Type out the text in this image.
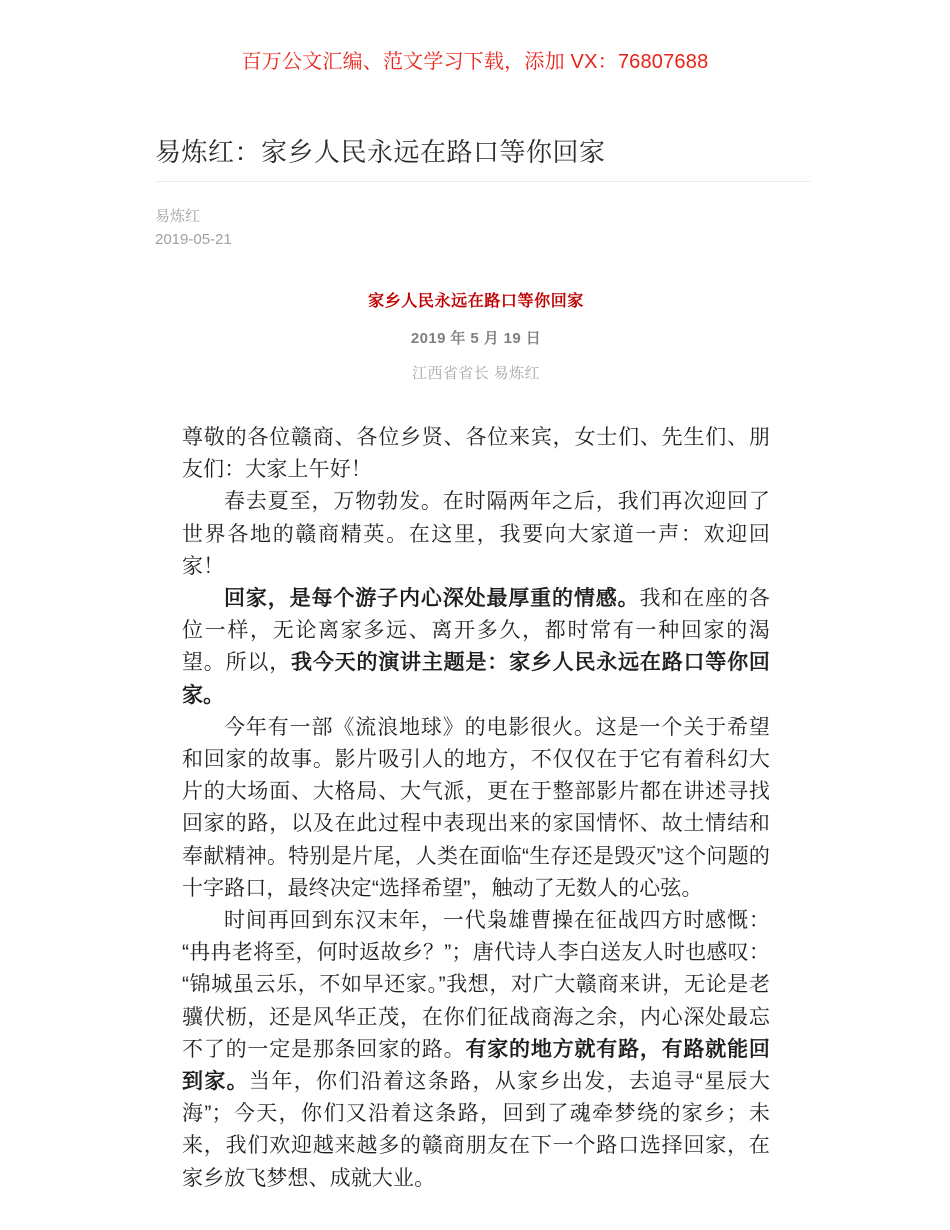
百万公文汇编、范文学习下载，添加 VX：76807688
易炼红：家乡人民永远在路口等你回家
易炼红
2019-05-21
家乡人民永远在路口等你回家
2019 年 5 月 19 日
江西省省长 易炼红

尊敬的各位赣商、各位乡贤、各位来宾，女士们、先生们、朋友们：大家上午好！

春去夏至，万物勃发。在时隔两年之后，我们再次迎回了世界各地的赣商精英。在这里，我要向大家道一声：欢迎回家！

回家，是每个游子内心深处最厚重的情感。我和在座的各位一样，无论离家多远、离开多久，都时常有一种回家的渴望。所以，我今天的演讲主题是：家乡人民永远在路口等你回家。

今年有一部《流浪地球》的电影很火。这是一个关于希望和回家的故事。影片吸引人的地方，不仅仅在于它有着科幻大片的大场面、大格局、大气派，更在于整部影片都在讲述寻找回家的路，以及在此过程中表现出来的家国情怀、故土情结和奉献精神。特别是片尾，人类在面临“生存还是毁灭”这个问题的十字路口，最终决定“选择希望”，触动了无数人的心弦。

时间再回到东汉末年，一代枭雄曹操在征战四方时感慨：“冉冉老将至，何时返故乡？”；唐代诗人李白送友人时也感叹：“锦城虽云乐，不如早还家。”我想，对广大赣商来讲，无论是老骥伏枥，还是风华正茂，在你们征战商海之余，内心深处最忘不了的一定是那条回家的路。有家的地方就有路，有路就能回到家。当年，你们沿着这条路，从家乡出发，去追寻“星辰大海”；今天，你们又沿着这条路，回到了魂牵梦绕的家乡；未来，我们欢迎越来越多的赣商朋友在下一个路口选择回家，在家乡放飞梦想、成就大业。
